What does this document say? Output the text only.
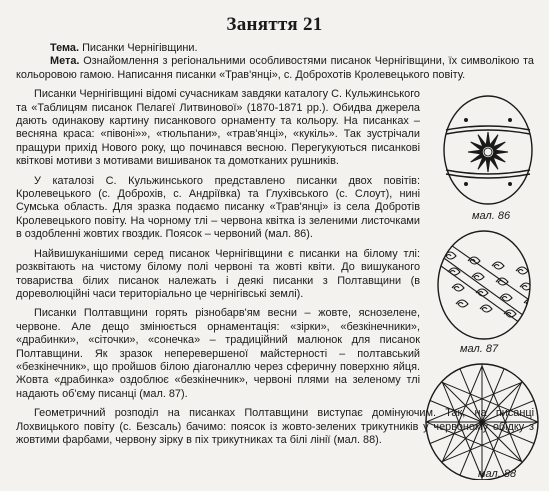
Заняття 21

Тема. Писанки Чернігівщини.

Мета. Ознайомлення з регіональними особливостями писанок Чернігівщини, їх символікою та кольоровою гамою. Написання писанки «Трав'янці», с. Доброхотів Кролевецького повіту.

Писанки Чернігівщині відомі сучасникам завдяки каталогу С. Кульжинського та «Таблицям писанок Пелагеї Литвинової» (1870-1871 рр.). Обидва джерела дають одинакову картину писанкового орнаменту та кольору. На писанках – весняна краса: «півоні»», «тюльпани», «трав'янці», «кукіль». Так зустрічали пращури прихід Нового року, що починався весною. Перегукуються писанкові квіткові мотиви з мотивами вишиванок та домотканих рушників.

У каталозі С. Кульжинського представлено писанки двох повітів: Кролевецького (с. Доброхів, с. Андріївка) та Глухівського (с. Слоут), нині Сумська область. Для зразка подаємо писанку «Трав'янці» із села Добротів Кролевецького повіту. На чорному тлі – червона квітка із зеленими листочками в оздобленні жовтих гвоздик. Поясок – червоний (мал. 86).

Найвишуканішими серед писанок Чернігівщини є писанки на білому тлі: розквітають на чистому білому полі червоні та жовті квіти. До вишуканого товариства білих писанок належать і деякі писанки з Полтавщини (в дореволюційні часи територіально це чернігівські землі).

Писанки Полтавщини горять різнобарв'ям весни – жовте, яснозелене, червоне. Але дещо змінюється орнаментація: «зірки», «безкінечники», «драбинки», «сіточки», «сонечка» – традиційний малюнок для писанок Полтавщини. Як зразок неперевершеної майстерності – полтавський «безкінечник», що пройшов білою діагоналлю через сферичну поверхню яйця. Жовта «драбинка» оздоблює «безкінечник», червоні плями на зеленому тлі надають об'єму писанці (мал. 87).

Геометричний розподіл на писанках Полтавщини виступає домінуючим. Так, на писанці Лохвицького повіту (с. Безсаль) бачимо: поясок із жовто-зелених трикутників у червоному обідку з жовтими фарбами, червону зірку в піх трикутниках та білі лінії (мал. 88).

мал. 86
мал. 87
мал. 88
